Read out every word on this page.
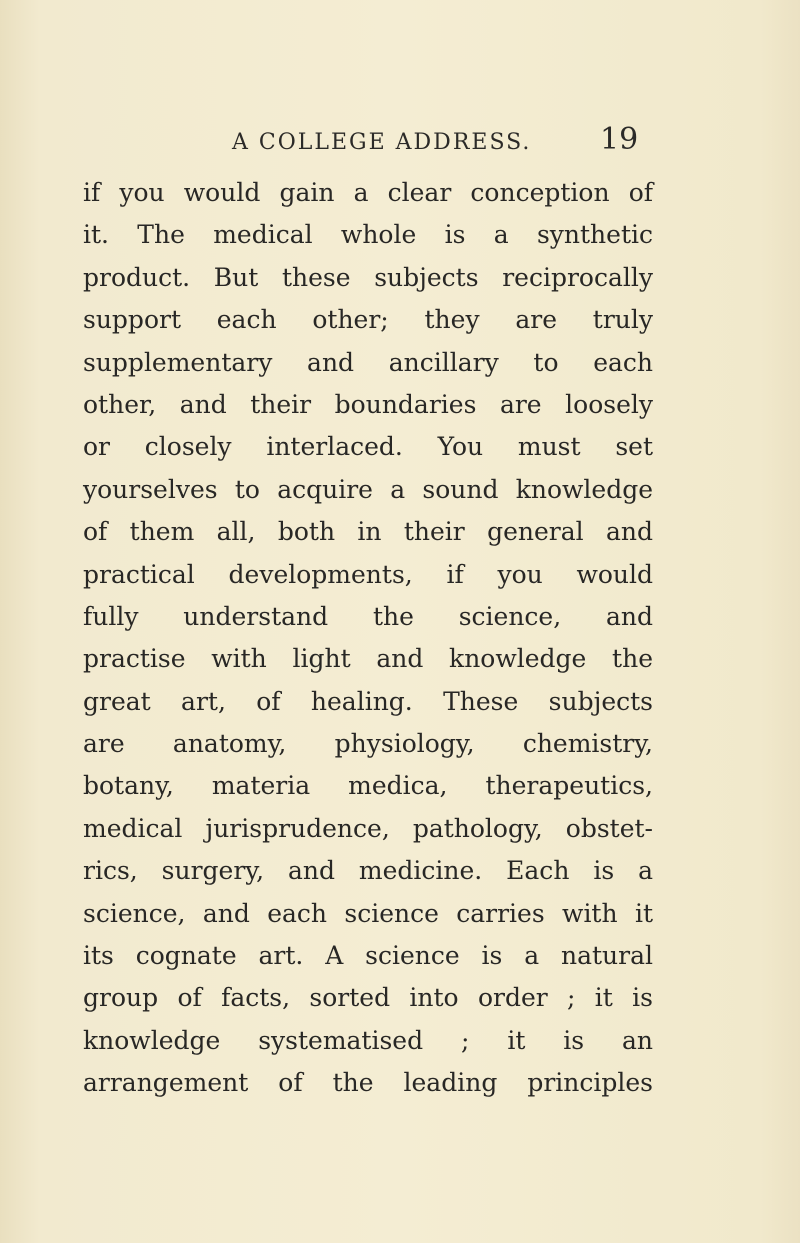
A COLLEGE ADDRESS. 19
if you would gain a clear conception of
it. The medical whole is a synthetic
product. But these subjects reciprocally
support each other; they are truly
supplementary and ancillary to each
other, and their boundaries are loosely
or closely interlaced. You must set
yourselves to acquire a sound knowledge
of them all, both in their general and
practical developments, if you would
fully understand the science, and
practise with light and knowledge the
great art, of healing. These subjects
are anatomy, physiology, chemistry,
botany, materia medica, therapeutics,
medical jurisprudence, pathology, obstet-
rics, surgery, and medicine. Each is a
science, and each science carries with it
its cognate art. A science is a natural
group of facts, sorted into order ; it is
knowledge systematised ; it is an
arrangement of the leading principles
